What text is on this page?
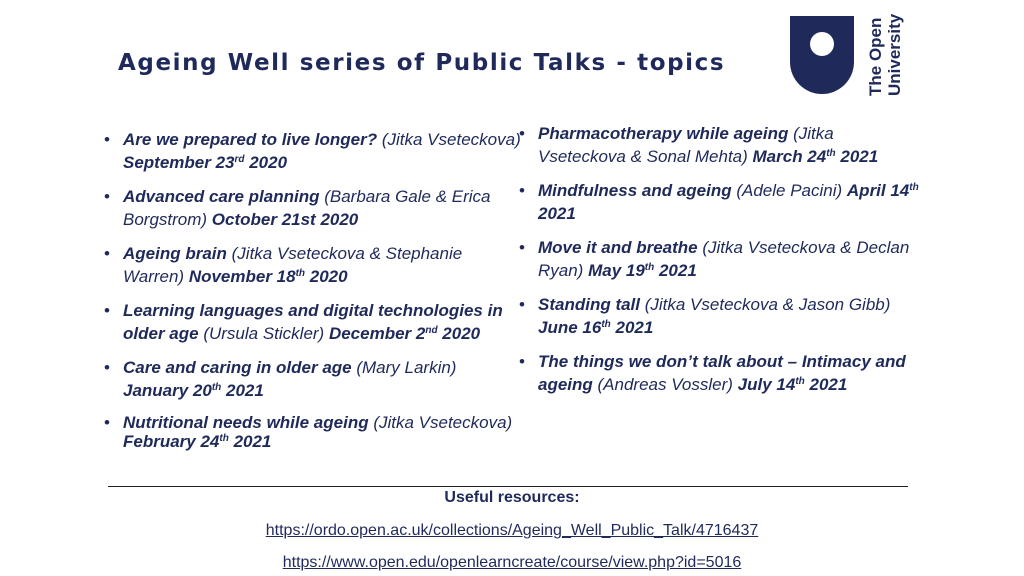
Ageing Well series of Public Talks - topics	The Open University
• Are we prepared to live longer? (Jitka Vseteckova) September 23rd 2020
• Advanced care planning (Barbara Gale & Erica Borgstrom) October 21st 2020
• Ageing brain (Jitka Vseteckova & Stephanie Warren) November 18th 2020
• Learning languages and digital technologies in older age (Ursula Stickler) December 2nd 2020
• Care and caring in older age (Mary Larkin) January 20th 2021
• Nutritional needs while ageing (Jitka Vseteckova) February 24th 2021
• Pharmacotherapy while ageing (Jitka Vseteckova & Sonal Mehta) March 24th 2021
• Mindfulness and ageing (Adele Pacini) April 14th 2021
• Move it and breathe (Jitka Vseteckova & Declan Ryan) May 19th 2021
• Standing tall (Jitka Vseteckova & Jason Gibb) June 16th 2021
• The things we don’t talk about – Intimacy and ageing (Andreas Vossler) July 14th 2021
Useful resources:
https://ordo.open.ac.uk/collections/Ageing_Well_Public_Talk/4716437
https://www.open.edu/openlearncreate/course/view.php?id=5016
